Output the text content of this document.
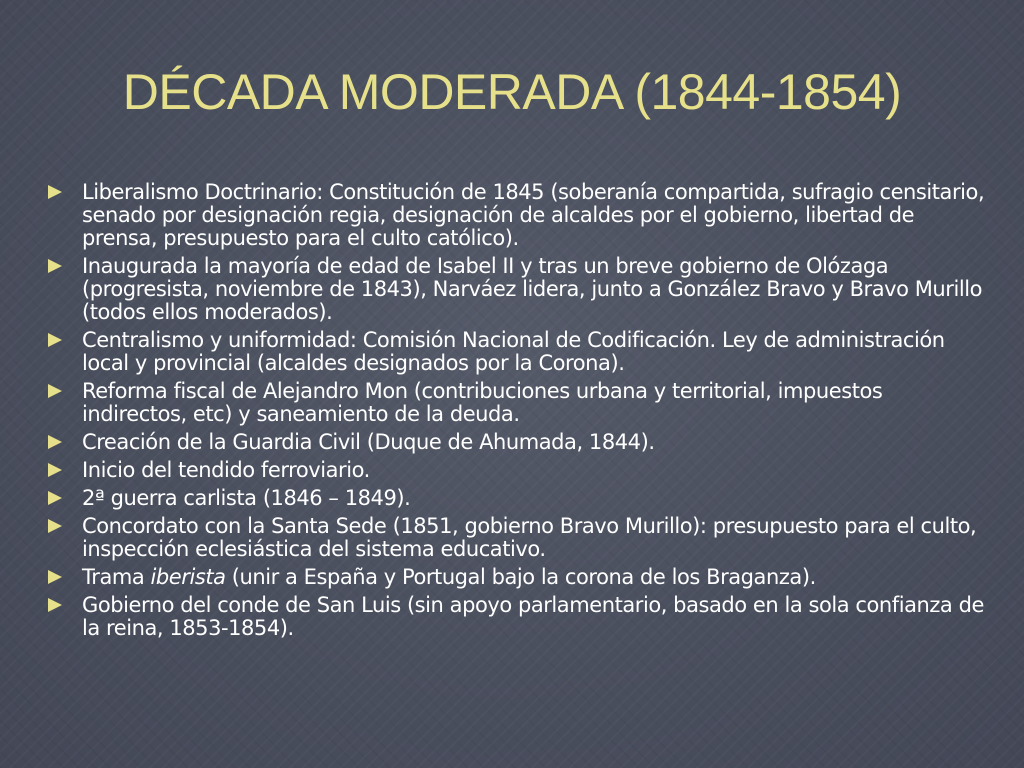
DÉCADA MODERADA (1844-1854)
Liberalismo Doctrinario: Constitución de 1845 (soberanía compartida, sufragio censitario, senado por designación regia, designación de alcaldes por el gobierno, libertad de prensa, presupuesto para el culto católico).
Inaugurada la mayoría de edad de Isabel II y tras un breve gobierno de Olózaga (progresista, noviembre de 1843), Narváez lidera, junto a González Bravo y Bravo Murillo (todos ellos moderados).
Centralismo y uniformidad: Comisión Nacional de Codificación. Ley de administración local y provincial (alcaldes designados por la Corona).
Reforma fiscal de Alejandro Mon (contribuciones urbana y territorial, impuestos indirectos, etc) y saneamiento de la deuda.
Creación de la Guardia Civil (Duque de Ahumada, 1844).
Inicio del tendido ferroviario.
2ª guerra carlista (1846 – 1849).
Concordato con la Santa Sede (1851, gobierno Bravo Murillo): presupuesto para el culto, inspección eclesiástica del sistema educativo.
Trama iberista (unir a España y Portugal bajo la corona de los Braganza).
Gobierno del conde de San Luis (sin apoyo parlamentario, basado en la sola confianza de la reina, 1853-1854).
